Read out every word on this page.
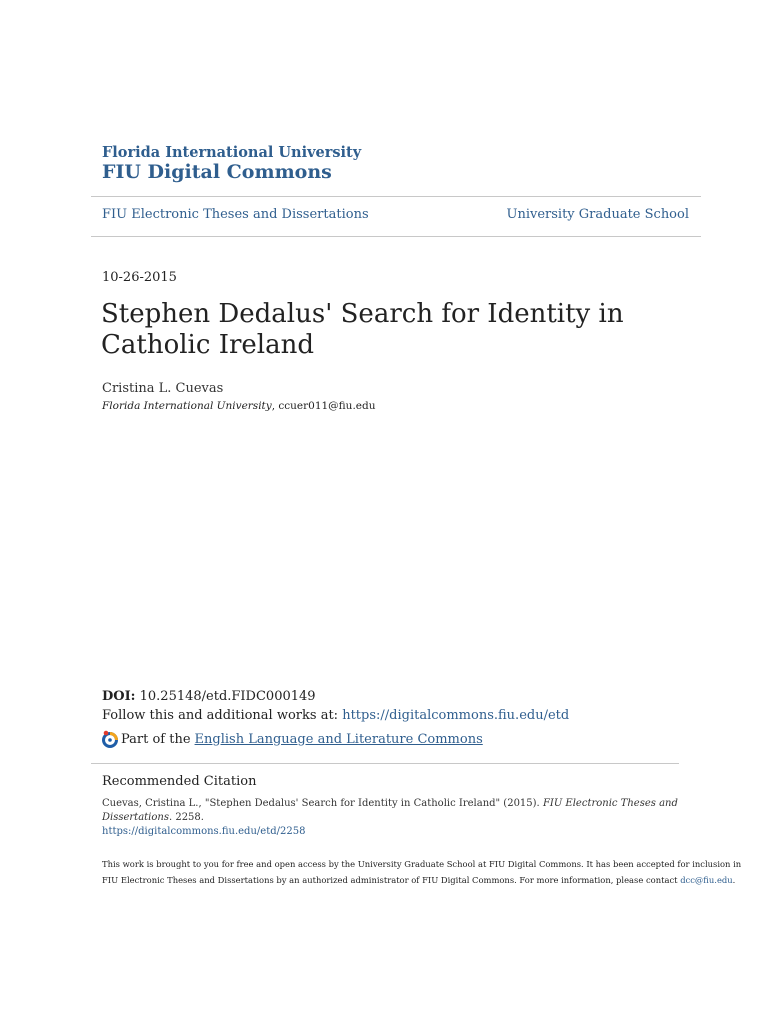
Florida International University
FIU Digital Commons
FIU Electronic Theses and Dissertations	University Graduate School
10-26-2015
Stephen Dedalus' Search for Identity in Catholic Ireland
Cristina L. Cuevas
Florida International University, ccuer011@fiu.edu
DOI: 10.25148/etd.FIDC000149
Follow this and additional works at: https://digitalcommons.fiu.edu/etd
Part of the English Language and Literature Commons
Recommended Citation
Cuevas, Cristina L., "Stephen Dedalus' Search for Identity in Catholic Ireland" (2015). FIU Electronic Theses and Dissertations. 2258.
https://digitalcommons.fiu.edu/etd/2258
This work is brought to you for free and open access by the University Graduate School at FIU Digital Commons. It has been accepted for inclusion in
FIU Electronic Theses and Dissertations by an authorized administrator of FIU Digital Commons. For more information, please contact dcc@fiu.edu.
